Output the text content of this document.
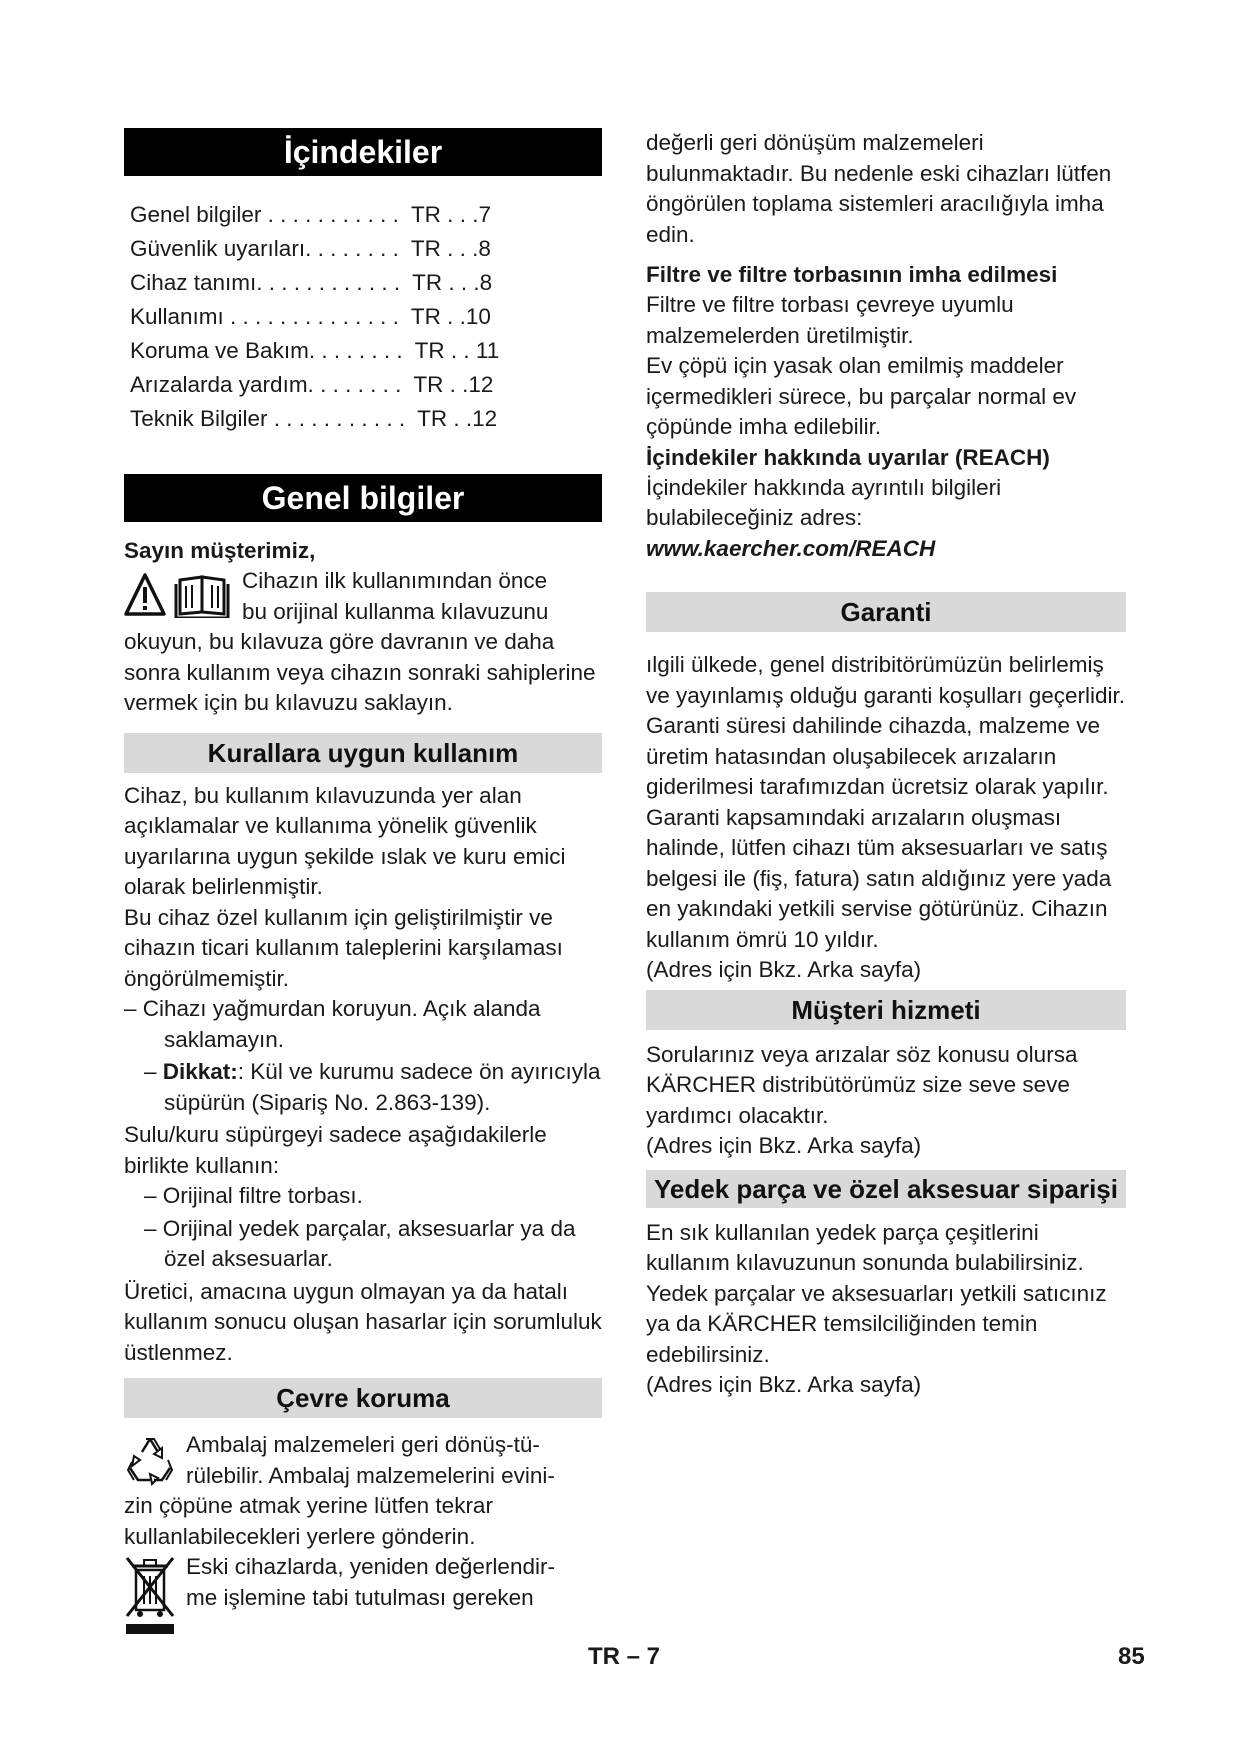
İçindekiler
Genel bilgiler . . . . . . . . . . .  TR . . .7
Güvenlik uyarıları. . . . . . . .  TR . . .8
Cihaz tanımı. . . . . . . . . . . .  TR . . .8
Kullanımı . . . . . . . . . . . . . .  TR . .10
Koruma ve Bakım. . . . . . . .  TR . . 11
Arızalarda yardım. . . . . . . .  TR . .12
Teknik Bilgiler . . . . . . . . . . .  TR . .12
Genel bilgiler
Sayın müşterimiz,

Cihazın ilk kullanımından önce

bu orijinal kullanma kılavuzunu

okuyun, bu kılavuza göre davranın ve daha sonra kullanım veya cihazın sonraki sahiplerine vermek için bu kılavuzu saklayın.

Kurallara uygun kullanım

Cihaz, bu kullanım kılavuzunda yer alan açıklamalar ve kullanıma yönelik güvenlik uyarılarına uygun şekilde ıslak ve kuru emici olarak belirlenmiştir.

Bu cihaz özel kullanım için geliştirilmiştir ve cihazın ticari kullanım taleplerini karşılaması öngörülmemiştir.

– Cihazı yağmurdan koruyun. Açık alanda saklamayın.

– Dikkat:: Kül ve kurumu sadece ön ayırıcıyla süpürün (Sipariş No. 2.863-139).

Sulu/kuru süpürgeyi sadece aşağıdakilerle birlikte kullanın:

– Orijinal filtre torbası.

– Orijinal yedek parçalar, aksesuarlar ya da özel aksesuarlar.

Üretici, amacına uygun olmayan ya da hatalı kullanım sonucu oluşan hasarlar için sorumluluk üstlenmez.

Çevre koruma

Ambalaj malzemeleri geri dönüş-tü-

rülebilir. Ambalaj malzemelerini evini-

zin çöpüne atmak yerine lütfen tekrar kullanlabilecekleri yerlere gönderin.

Eski cihazlarda, yeniden değerlendir-

me işlemine tabi tutulması gereken

değerli geri dönüşüm malzemeleri bulunmaktadır. Bu nedenle eski cihazları lütfen öngörülen toplama sistemleri aracılığıyla imha edin.

Filtre ve filtre torbasının imha edilmesi

Filtre ve filtre torbası çevreye uyumlu malzemelerden üretilmiştir.

Ev çöpü için yasak olan emilmiş maddeler içermedikleri sürece, bu parçalar normal ev çöpünde imha edilebilir.

İçindekiler hakkında uyarılar (REACH)

İçindekiler hakkında ayrıntılı bilgileri bulabileceğiniz adres:

www.kaercher.com/REACH

Garanti

ılgili ülkede, genel distribitörümüzün belirlemiş ve yayınlamış olduğu garanti koşulları geçerlidir. Garanti süresi dahilinde cihazda, malzeme ve üretim hatasından oluşabilecek arızaların giderilmesi tarafımızdan ücretsiz olarak yapılır. Garanti kapsamındaki arızaların oluşması halinde, lütfen cihazı tüm aksesuarları ve satış belgesi ile (fiş, fatura) satın aldığınız yere yada en yakındaki yetkili servise götürünüz. Cihazın kullanım ömrü 10 yıldır.

(Adres için Bkz. Arka sayfa)

Müşteri hizmeti

Sorularınız veya arızalar söz konusu olursa KÄRCHER distribütörümüz size seve seve yardımcı olacaktır.

(Adres için Bkz. Arka sayfa)

Yedek parça ve özel aksesuar siparişi

En sık kullanılan yedek parça çeşitlerini kullanım kılavuzunun sonunda bulabilirsiniz.

Yedek parçalar ve aksesuarları yetkili satıcınız ya da KÄRCHER temsilciliğinden temin edebilirsiniz.

(Adres için Bkz. Arka sayfa)

TR – 7	85
